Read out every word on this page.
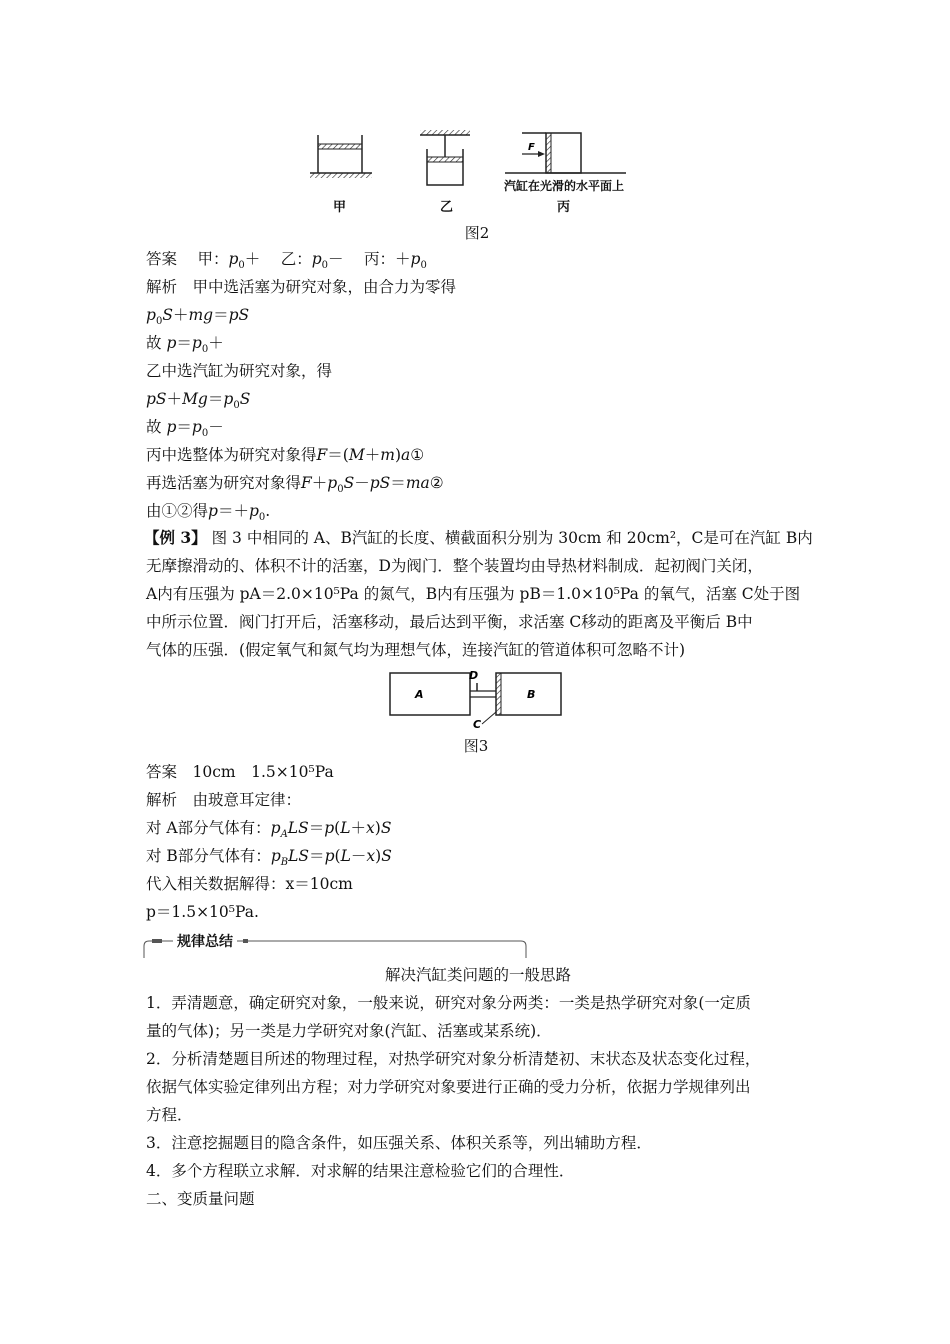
F
汽缸在光滑的水平面上
甲	乙	丙
图2
答案　 甲：$p_0+$　 乙：$p_0-$　 丙：$+p_0$
解析　 甲中选活塞为研究对象，由合力为零得
$p_0S+mg=pS$
故 $p=p_0+$
乙中选汽缸为研究对象，得
$pS+Mg=p_0S$
故 $p=p_0-$
丙中选整体为研究对象得F＝(M＋m)a①
再选活塞为研究对象得$F+p_0S-pS=ma②$
由①②得$p=+p_0$.
【例 3】 图 3 中相同的 A、B汽缸的长度、横截面积分别为 30cm 和 20cm²，C是可在汽缸 B内
无摩擦滑动的、体积不计的活塞，D为阀门．整个装置均由导热材料制成．起初阀门关闭，
A内有压强为 pA＝2.0×10⁵Pa 的氮气，B内有压强为 pB＝1.0×10⁵Pa 的氧气，活塞 C处于图
中所示位置．阀门打开后，活塞移动，最后达到平衡，求活塞 C移动的距离及平衡后 B中
气体的压强．(假定氧气和氮气均为理想气体，连接汽缸的管道体积可忽略不计)
A	B
D
C
图3
答案　 10cm　1.5×10⁵Pa
解析　 由玻意耳定律：
对 A部分气体有：$p_ALS=p(L+x)S$
对 B部分气体有：$p_BLS=p(L-x)S$
代入相关数据解得：x＝10cm
p＝1.5×10⁵Pa.
规律总结
解决汽缸类问题的一般思路
1．弄清题意，确定研究对象，一般来说，研究对象分两类：一类是热学研究对象(一定质
量的气体)；另一类是力学研究对象(汽缸、活塞或某系统)．
2．分析清楚题目所述的物理过程，对热学研究对象分析清楚初、末状态及状态变化过程，
依据气体实验定律列出方程；对力学研究对象要进行正确的受力分析，依据力学规律列出
方程．
3．注意挖掘题目的隐含条件，如压强关系、体积关系等，列出辅助方程．
4．多个方程联立求解．对求解的结果注意检验它们的合理性．
二、变质量问题
